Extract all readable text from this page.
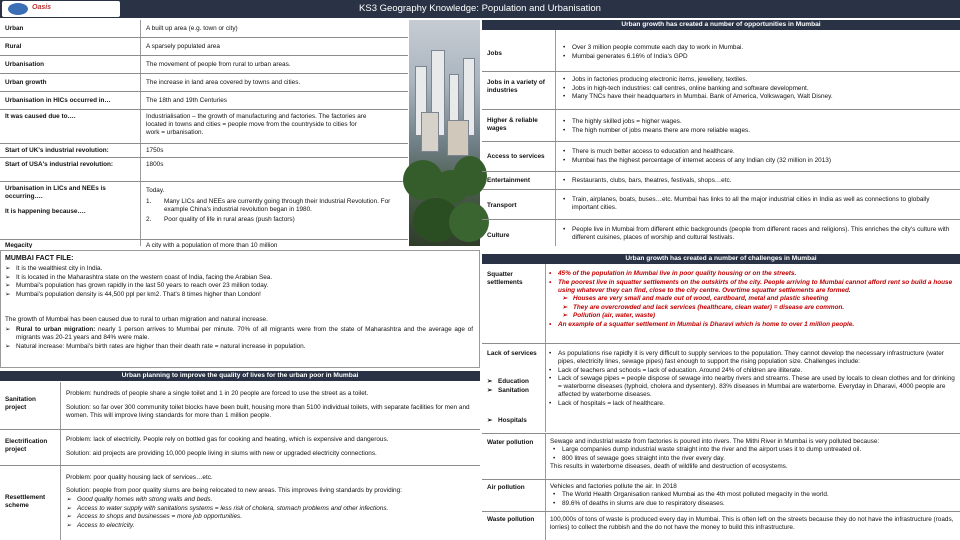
Oasis	KS3 Geography Knowledge: Population and Urbanisation
Urban	A built up area (e.g. town or city)
Rural	A sparsely populated area
Urbanisation	The movement of people from rural to urban areas.
Urban growth	The increase in land area covered by towns and cities.
Urbanisation in HICs occurred in…	The 18th and 19th Centuries
It was caused due to….	Industrialisation – the growth of manufacturing and factories. The factories are located in towns and cities = people move from the countryside to cities for work = urbanisation.
Start of UK's industrial revolution:	1750s
Start of USA's industrial revolution:	1800s
Urbanisation in LICs and NEEs is occurring….
It is happening because….
Today.
1. Many LICs and NEEs are currently going through their Industrial Revolution. For example China's industrial revolution began in 1980.
2. Poor quality of life in rural areas (push factors)
Megacity	A city with a population of more than 10 million
MUMBAI FACT FILE:
➢ It is the wealthiest city in India.
➢ It is located in the Maharashtra state on the western coast of India, facing the Arabian Sea.
➢ Mumbai's population has grown rapidly in the last 50 years to reach over 23 million today.
➢ Mumbai's population density is 44,500 ppl per km2. That's 8 times higher than London!
The growth of Mumbai has been caused due to rural to urban migration and natural increase.
➢ Rural to urban migration: nearly 1 person arrives to Mumbai per minute. 70% of all migrants were from the state of Maharashtra and the average age of migrants was 20-21 years and 84% were male.
➢ Natural increase: Mumbai's birth rates are higher than their death rate = natural increase in population.
Urban planning to improve the quality of lives for the urban poor in Mumbai
Sanitation project
Problem: hundreds of people share a single toilet and 1 in 20 people are forced to use the street as a toilet.
Solution: so far over 300 community toilet blocks have been built, housing more than 5100 individual toilets, with separate facilities for men and women. This will improve living standards for more than 1 million people.
Electrification project
Problem: lack of electricity. People rely on bottled gas for cooking and heating, which is expensive and dangerous.
Solution: aid projects are providing 10,000 people living in slums with new or upgraded electricity connections.
Resettlement scheme
Problem: poor quality housing lack of services…etc.
Solution: people from poor quality slums are being relocated to new areas. This improves living standards by providing:
➢ Good quality homes with strong walls and beds.
➢ Access to water supply with sanitations systems = less risk of cholera, stomach problems and other infections.
➢ Access to shops and businesses = more job opportunities.
➢ Access to electricity.
Urban growth has created a number of opportunities in Mumbai
Jobs
• Over 3 million people commute each day to work in Mumbai.
• Mumbai generates 6.16% of India's GPD
Jobs in a variety of industries
• Jobs in factories producing electronic items, jewellery, textiles.
• Jobs in high-tech industries: call centres, online banking and software development.
• Many TNCs have their headquarters in Mumbai. Bank of America, Volkswagen, Walt Disney.
Higher & reliable wages
• The highly skilled jobs = higher wages.
• The high number of jobs means there are more reliable wages.
Access to services
• There is much better access to education and healthcare.
• Mumbai has the highest percentage of internet access of any Indian city (32 million in 2013)
Entertainment
•	Restaurants, clubs, bars, theatres, festivals, shops…etc.
Transport
• Train, airplanes, boats, buses…etc. Mumbai has links to all the major industrial cities in India as well as connections to globally important cities.
Culture
• People live in Mumbai from different ethic backgrounds (people from different races and religions). This enriches the city's culture with different cuisines, places of worship and cultural festivals.
Urban growth has created a number of challenges in Mumbai
Squatter settlements
• 45% of the population in Mumbai live in poor quality housing or on the streets.
• The poorest live in squatter settlements on the outskirts of the city. People arriving to Mumbai cannot afford rent so build a house using whatever they can find, close to the city centre. Overtime squatter settlements are formed.
➢ Houses are very small and made out of wood, cardboard, metal and plastic sheeting
➢ They are overcrowded and lack services (healthcare, clean water) = disease are common.
➢ Pollution (air, water, waste)
• An example of a squatter settlement in Mumbai is Dharavi which is home to over 1 million people.
Lack of services
➢ Education
➢ Sanitation
➢ Hospitals
• As populations rise rapidly it is very difficult to supply services to the population. They cannot develop the necessary infrastructure (water pipes, electricity lines, sewage pipes) fast enough to support the rising population size. Challenges include:
• Lack of teachers and schools = lack of education. Around 24% of children are illiterate.
• Lack of sewage pipes = people dispose of sewage into nearby rivers and streams. These are used by locals to clean clothes and for drinking = waterborne diseases (typhoid, cholera and dysentery). 83% diseases in Mumbai are waterborne. Everyday in Dharavi, 4000 people are affected by waterborne diseases.
• Lack of hospitals = lack of healthcare.
Water pollution	Sewage and industrial waste from factories is poured into rivers. The Mithi River in Mumbai is very polluted because:
• Large companies dump industrial waste straight into the river and the airport uses it to dump untreated oil.
• 800 litres of sewage goes straight into the river every day.
This results in waterborne diseases, death of wildlife and destruction of ecosystems.
Air pollution	Vehicles and factories pollute the air. In 2018
• The World Health Organisation ranked Mumbai as the 4th most polluted megacity in the world.
• 89.6% of deaths in slums are due to respiratory diseases.
Waste pollution	100,000s of tons of waste is produced every day in Mumbai. This is often left on the streets because they do not have the infrastructure (roads, lorries) to collect the rubbish and the do not have the money to build this infrastructure.
